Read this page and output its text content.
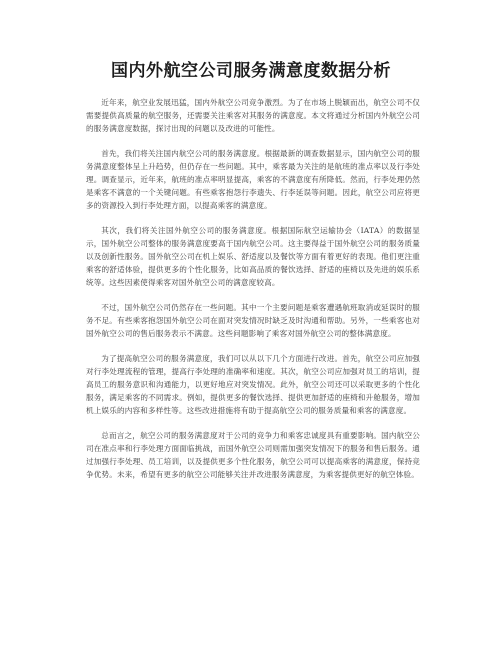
国内外航空公司服务满意度数据分析

近年来，航空业发展迅猛，国内外航空公司竞争激烈。为了在市场上脱颖而出，航空公司不仅需要提供高质量的航空服务，还需要关注乘客对其服务的满意度。本文将通过分析国内外航空公司的服务满意度数据，探讨出现的问题以及改进的可能性。

首先，我们将关注国内航空公司的服务满意度。根据最新的调查数据显示，国内航空公司的服务满意度整体呈上升趋势，但仍存在一些问题。其中，乘客最为关注的是航班的准点率以及行李处理。调查显示，近年来，航班的准点率明显提高，乘客的不满意度有所降低。然而，行李处理仍然是乘客不满意的一个关键问题。有些乘客抱怨行李遗失、行李延误等问题。因此，航空公司应将更多的资源投入到行李处理方面，以提高乘客的满意度。

其次，我们将关注国外航空公司的服务满意度。根据国际航空运输协会（IATA）的数据显示，国外航空公司整体的服务满意度要高于国内航空公司。这主要得益于国外航空公司的服务质量以及创新性服务。国外航空公司在机上娱乐、舒适度以及餐饮等方面有着更好的表现。他们更注重乘客的舒适体验，提供更多的个性化服务，比如高品质的餐饮选择、舒适的座椅以及先进的娱乐系统等。这些因素使得乘客对国外航空公司的满意度较高。

不过，国外航空公司仍然存在一些问题。其中一个主要问题是乘客遭遇航班取消或延误时的服务不足。有些乘客抱怨国外航空公司在面对突发情况时缺乏及时沟通和帮助。另外，一些乘客也对国外航空公司的售后服务表示不满意。这些问题影响了乘客对国外航空公司的整体满意度。

为了提高航空公司的服务满意度，我们可以从以下几个方面进行改进。首先，航空公司应加强对行李处理流程的管理，提高行李处理的准确率和速度。其次，航空公司应加强对员工的培训，提高员工的服务意识和沟通能力，以更好地应对突发情况。此外，航空公司还可以采取更多的个性化服务，满足乘客的不同需求。例如，提供更多的餐饮选择、提供更加舒适的座椅和升舱服务，增加机上娱乐的内容和多样性等。这些改进措施将有助于提高航空公司的服务质量和乘客的满意度。

总而言之，航空公司的服务满意度对于公司的竞争力和乘客忠诚度具有重要影响。国内航空公司在准点率和行李处理方面面临挑战，而国外航空公司则需加强突发情况下的服务和售后服务。通过加强行李处理、员工培训，以及提供更多个性化服务，航空公司可以提高乘客的满意度，保持竞争优势。未来，希望有更多的航空公司能够关注并改进服务满意度，为乘客提供更好的航空体验。
